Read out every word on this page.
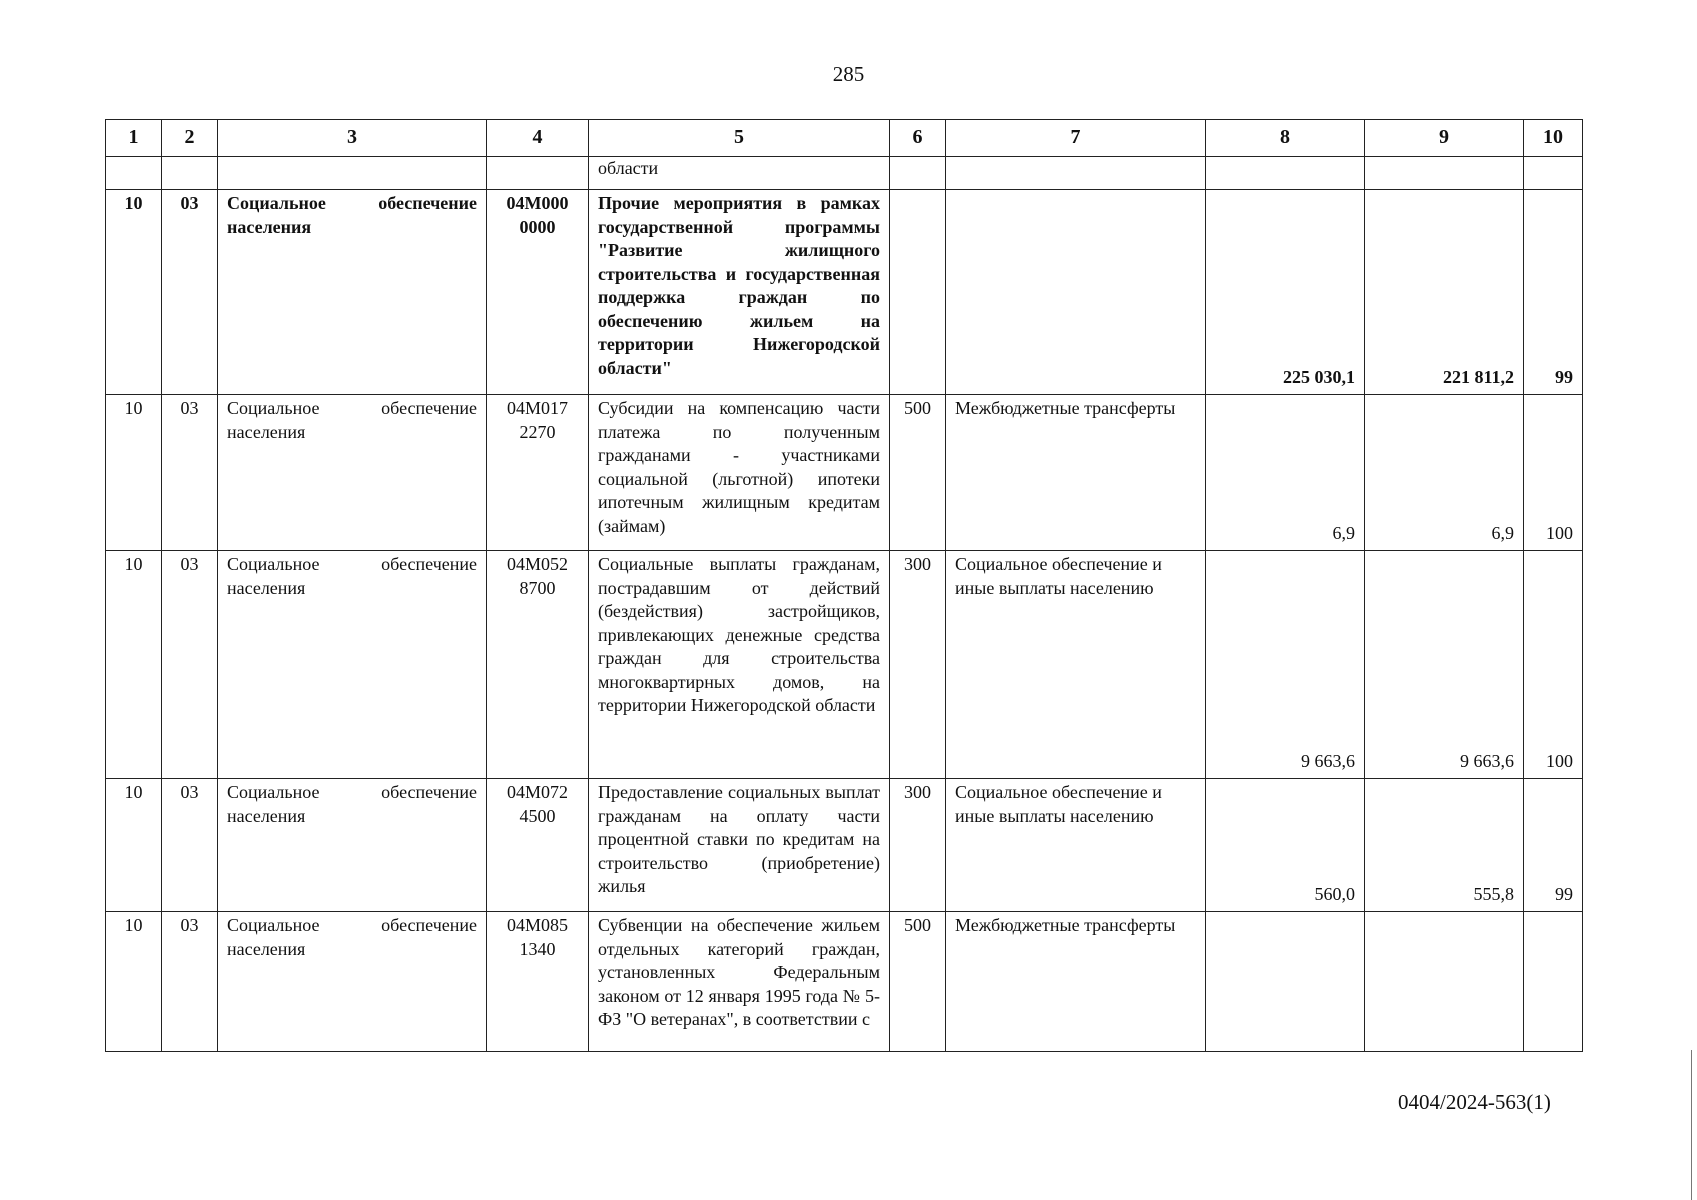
285
1	2	3	4	5	6	7	8	9	10
				области					
10	03	Социальное обеспечение населения	04М000 0000	Прочие мероприятия в рамках государственной программы "Развитие жилищного строительства и государственная поддержка граждан по обеспечению жильем на территории Нижегородской области"			225 030,1	221 811,2	99
10	03	Социальное обеспечение населения	04М017 2270	Субсидии на компенсацию части платежа по полученным гражданами - участниками социальной (льготной) ипотеки ипотечным жилищным кредитам (займам)	500	Межбюджетные трансферты	6,9	6,9	100
10	03	Социальное обеспечение населения	04М052 8700	Социальные выплаты гражданам, пострадавшим от действий (бездействия) застройщиков, привлекающих денежные средства граждан для строительства многоквартирных домов, на территории Нижегородской области	300	Социальное обеспечение и иные выплаты населению	9 663,6	9 663,6	100
10	03	Социальное обеспечение населения	04М072 4500	Предоставление социальных выплат гражданам на оплату части процентной ставки по кредитам на строительство (приобретение) жилья	300	Социальное обеспечение и иные выплаты населению	560,0	555,8	99
10	03	Социальное обеспечение населения	04М085 1340	Субвенции на обеспечение жильем отдельных категорий граждан, установленных Федеральным законом от 12 января 1995 года № 5-ФЗ "О ветеранах", в соответствии с	500	Межбюджетные трансферты			
0404/2024-563(1)
